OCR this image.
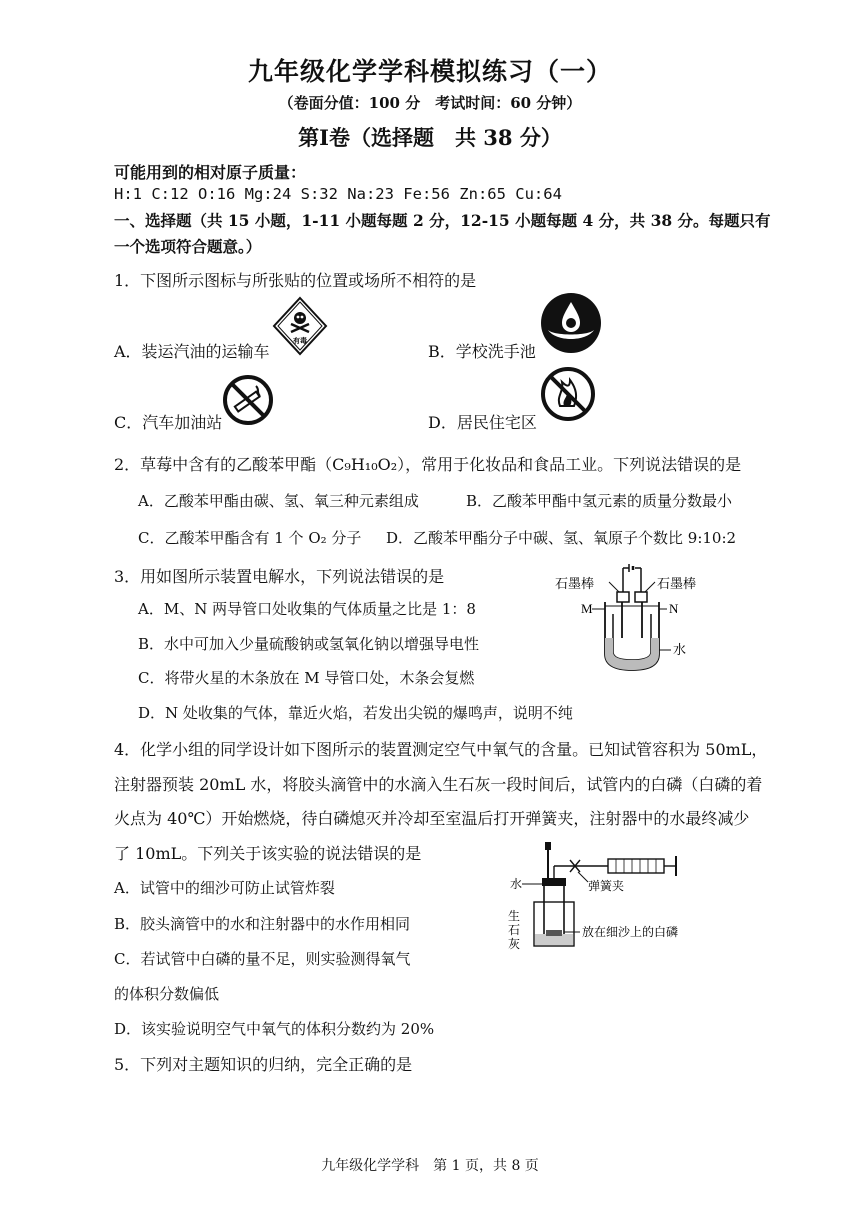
九年级化学学科模拟练习（一）
（卷面分值：100 分　考试时间：60 分钟）
第Ⅰ卷（选择题　共 38 分）
可能用到的相对原子质量：
H:1 C:12 O:16 Mg:24 S:32 Na:23 Fe:56 Zn:65 Cu:64
一、选择题（共 15 小题，1-11 小题每题 2 分，12-15 小题每题 4 分，共 38 分。每题只有
一个选项符合题意。）
1．下图所示图标与所张贴的位置或场所不相符的是
A．装运汽油的运输车	B．学校洗手池
C．汽车加油站	D．居民住宅区
有毒
2．草莓中含有的乙酸苯甲酯（C₉H₁₀O₂），常用于化妆品和食品工业。下列说法错误的是
A．乙酸苯甲酯由碳、氢、氧三种元素组成	B．乙酸苯甲酯中氢元素的质量分数最小
C．乙酸苯甲酯含有 1 个 O₂ 分子 D．乙酸苯甲酯分子中碳、氢、氧原子个数比 9:10:2
3．用如图所示装置电解水，下列说法错误的是
A．M、N 两导管口处收集的气体质量之比是 1：8
B．水中可加入少量硫酸钠或氢氧化钠以增强导电性
C．将带火星的木条放在 M 导管口处，木条会复燃
D．N 处收集的气体，靠近火焰，若发出尖锐的爆鸣声，说明不纯
石墨棒	石墨棒
M	N
水
4．化学小组的同学设计如下图所示的装置测定空气中氧气的含量。已知试管容积为 50mL，
注射器预装 20mL 水，将胶头滴管中的水滴入生石灰一段时间后，试管内的白磷（白磷的着
火点为 40℃）开始燃烧，待白磷熄灭并冷却至室温后打开弹簧夹，注射器中的水最终减少
了 10mL。下列关于该实验的说法错误的是
A．试管中的细沙可防止试管炸裂
B．胶头滴管中的水和注射器中的水作用相同
C．若试管中白磷的量不足，则实验测得氧气
的体积分数偏低
D．该实验说明空气中氧气的体积分数约为 20%
水	弹簧夹
生
石
灰
放在细沙上的白磷
5．下列对主题知识的归纳，完全正确的是
九年级化学学科　第 1 页，共 8 页
